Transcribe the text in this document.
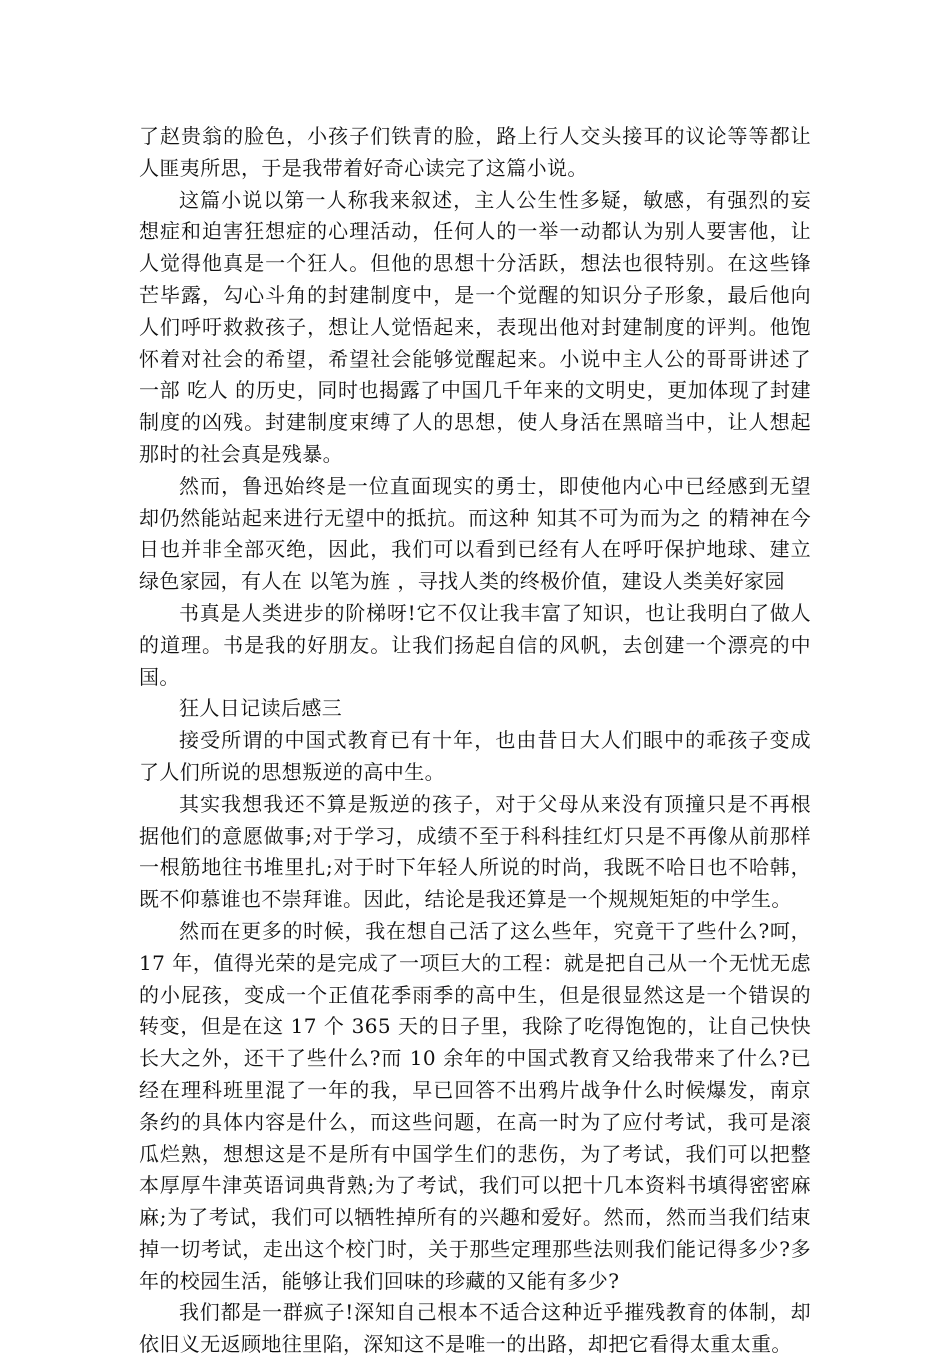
了赵贵翁的脸色，小孩子们铁青的脸，路上行人交头接耳的议论等等都让人匪夷所思，于是我带着好奇心读完了这篇小说。

这篇小说以第一人称我来叙述，主人公生性多疑，敏感，有强烈的妄想症和迫害狂想症的心理活动，任何人的一举一动都认为别人要害他，让人觉得他真是一个狂人。但他的思想十分活跃，想法也很特别。在这些锋芒毕露，勾心斗角的封建制度中，是一个觉醒的知识分子形象，最后他向人们呼吁救救孩子，想让人觉悟起来，表现出他对封建制度的评判。他饱怀着对社会的希望，希望社会能够觉醒起来。小说中主人公的哥哥讲述了一部 吃人 的历史，同时也揭露了中国几千年来的文明史，更加体现了封建制度的凶残。封建制度束缚了人的思想，使人身活在黑暗当中，让人想起那时的社会真是残暴。

然而，鲁迅始终是一位直面现实的勇士，即使他内心中已经感到无望却仍然能站起来进行无望中的抵抗。而这种 知其不可为而为之 的精神在今日也并非全部灭绝，因此，我们可以看到已经有人在呼吁保护地球、建立绿色家园，有人在 以笔为旌 ，寻找人类的终极价值，建设人类美好家园

书真是人类进步的阶梯呀!它不仅让我丰富了知识，也让我明白了做人的道理。书是我的好朋友。让我们扬起自信的风帆，去创建一个漂亮的中国。

狂人日记读后感三

接受所谓的中国式教育已有十年，也由昔日大人们眼中的乖孩子变成了人们所说的思想叛逆的高中生。

其实我想我还不算是叛逆的孩子，对于父母从来没有顶撞只是不再根据他们的意愿做事;对于学习，成绩不至于科科挂红灯只是不再像从前那样一根筋地往书堆里扎;对于时下年轻人所说的时尚，我既不哈日也不哈韩，既不仰慕谁也不崇拜谁。因此，结论是我还算是一个规规矩矩的中学生。

然而在更多的时候，我在想自己活了这么些年，究竟干了些什么?呵，17 年，值得光荣的是完成了一项巨大的工程：就是把自己从一个无忧无虑的小屁孩，变成一个正值花季雨季的高中生，但是很显然这是一个错误的转变，但是在这 17 个 365 天的日子里，我除了吃得饱饱的，让自己快快长大之外，还干了些什么?而 10 余年的中国式教育又给我带来了什么?已经在理科班里混了一年的我，早已回答不出鸦片战争什么时候爆发，南京条约的具体内容是什么，而这些问题，在高一时为了应付考试，我可是滚瓜烂熟，想想这是不是所有中国学生们的悲伤，为了考试，我们可以把整本厚厚牛津英语词典背熟;为了考试，我们可以把十几本资料书填得密密麻麻;为了考试，我们可以牺牲掉所有的兴趣和爱好。然而，然而当我们结束掉一切考试，走出这个校门时，关于那些定理那些法则我们能记得多少?多年的校园生活，能够让我们回味的珍藏的又能有多少?

我们都是一群疯子!深知自己根本不适合这种近乎摧残教育的体制，却依旧义无返顾地往里陷，深知这不是唯一的出路，却把它看得太重太重。
